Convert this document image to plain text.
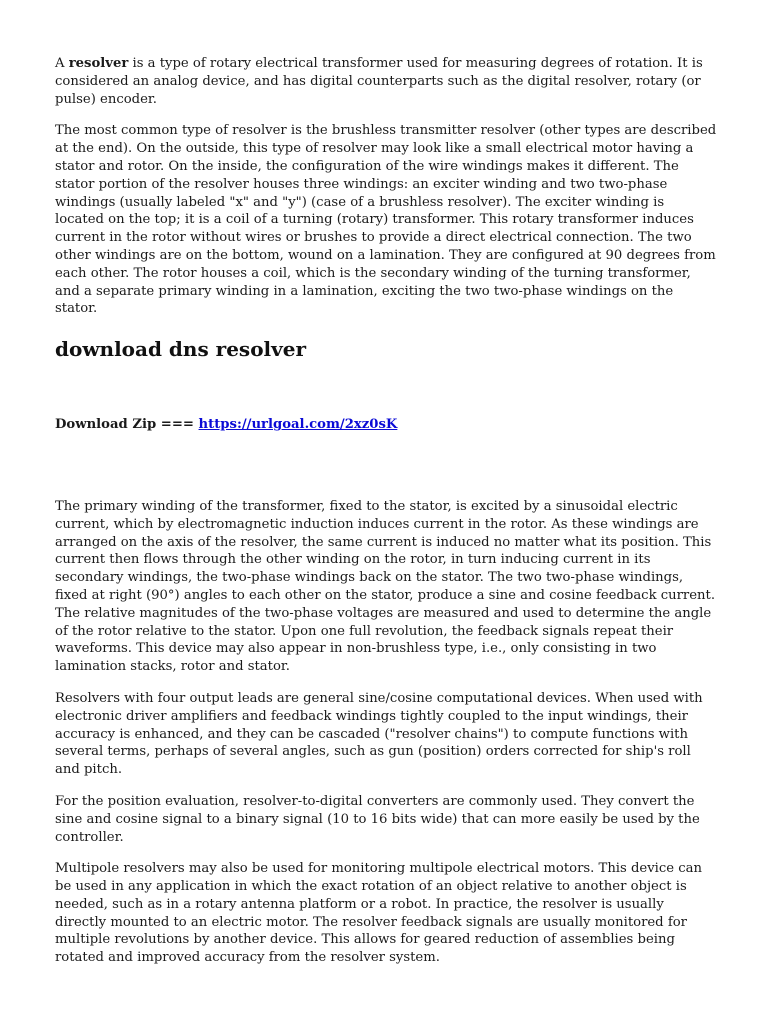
A resolver is a type of rotary electrical transformer used for measuring degrees of rotation. It is considered an analog device, and has digital counterparts such as the digital resolver, rotary (or pulse) encoder.

The most common type of resolver is the brushless transmitter resolver (other types are described at the end). On the outside, this type of resolver may look like a small electrical motor having a stator and rotor. On the inside, the configuration of the wire windings makes it different. The stator portion of the resolver houses three windings: an exciter winding and two two-phase windings (usually labeled "x" and "y") (case of a brushless resolver). The exciter winding is located on the top; it is a coil of a turning (rotary) transformer. This rotary transformer induces current in the rotor without wires or brushes to provide a direct electrical connection. The two other windings are on the bottom, wound on a lamination. They are configured at 90 degrees from each other. The rotor houses a coil, which is the secondary winding of the turning transformer, and a separate primary winding in a lamination, exciting the two two-phase windings on the stator.

download dns resolver
Download Zip === https://urlgoal.com/2xz0sK

The primary winding of the transformer, fixed to the stator, is excited by a sinusoidal electric current, which by electromagnetic induction induces current in the rotor. As these windings are arranged on the axis of the resolver, the same current is induced no matter what its position. This current then flows through the other winding on the rotor, in turn inducing current in its secondary windings, the two-phase windings back on the stator. The two two-phase windings, fixed at right (90°) angles to each other on the stator, produce a sine and cosine feedback current. The relative magnitudes of the two-phase voltages are measured and used to determine the angle of the rotor relative to the stator. Upon one full revolution, the feedback signals repeat their waveforms. This device may also appear in non-brushless type, i.e., only consisting in two lamination stacks, rotor and stator.

Resolvers with four output leads are general sine/cosine computational devices. When used with electronic driver amplifiers and feedback windings tightly coupled to the input windings, their accuracy is enhanced, and they can be cascaded ("resolver chains") to compute functions with several terms, perhaps of several angles, such as gun (position) orders corrected for ship's roll and pitch.

For the position evaluation, resolver-to-digital converters are commonly used. They convert the sine and cosine signal to a binary signal (10 to 16 bits wide) that can more easily be used by the controller.

Multipole resolvers may also be used for monitoring multipole electrical motors. This device can be used in any application in which the exact rotation of an object relative to another object is needed, such as in a rotary antenna platform or a robot. In practice, the resolver is usually directly mounted to an electric motor. The resolver feedback signals are usually monitored for multiple revolutions by another device. This allows for geared reduction of assemblies being rotated and improved accuracy from the resolver system.
